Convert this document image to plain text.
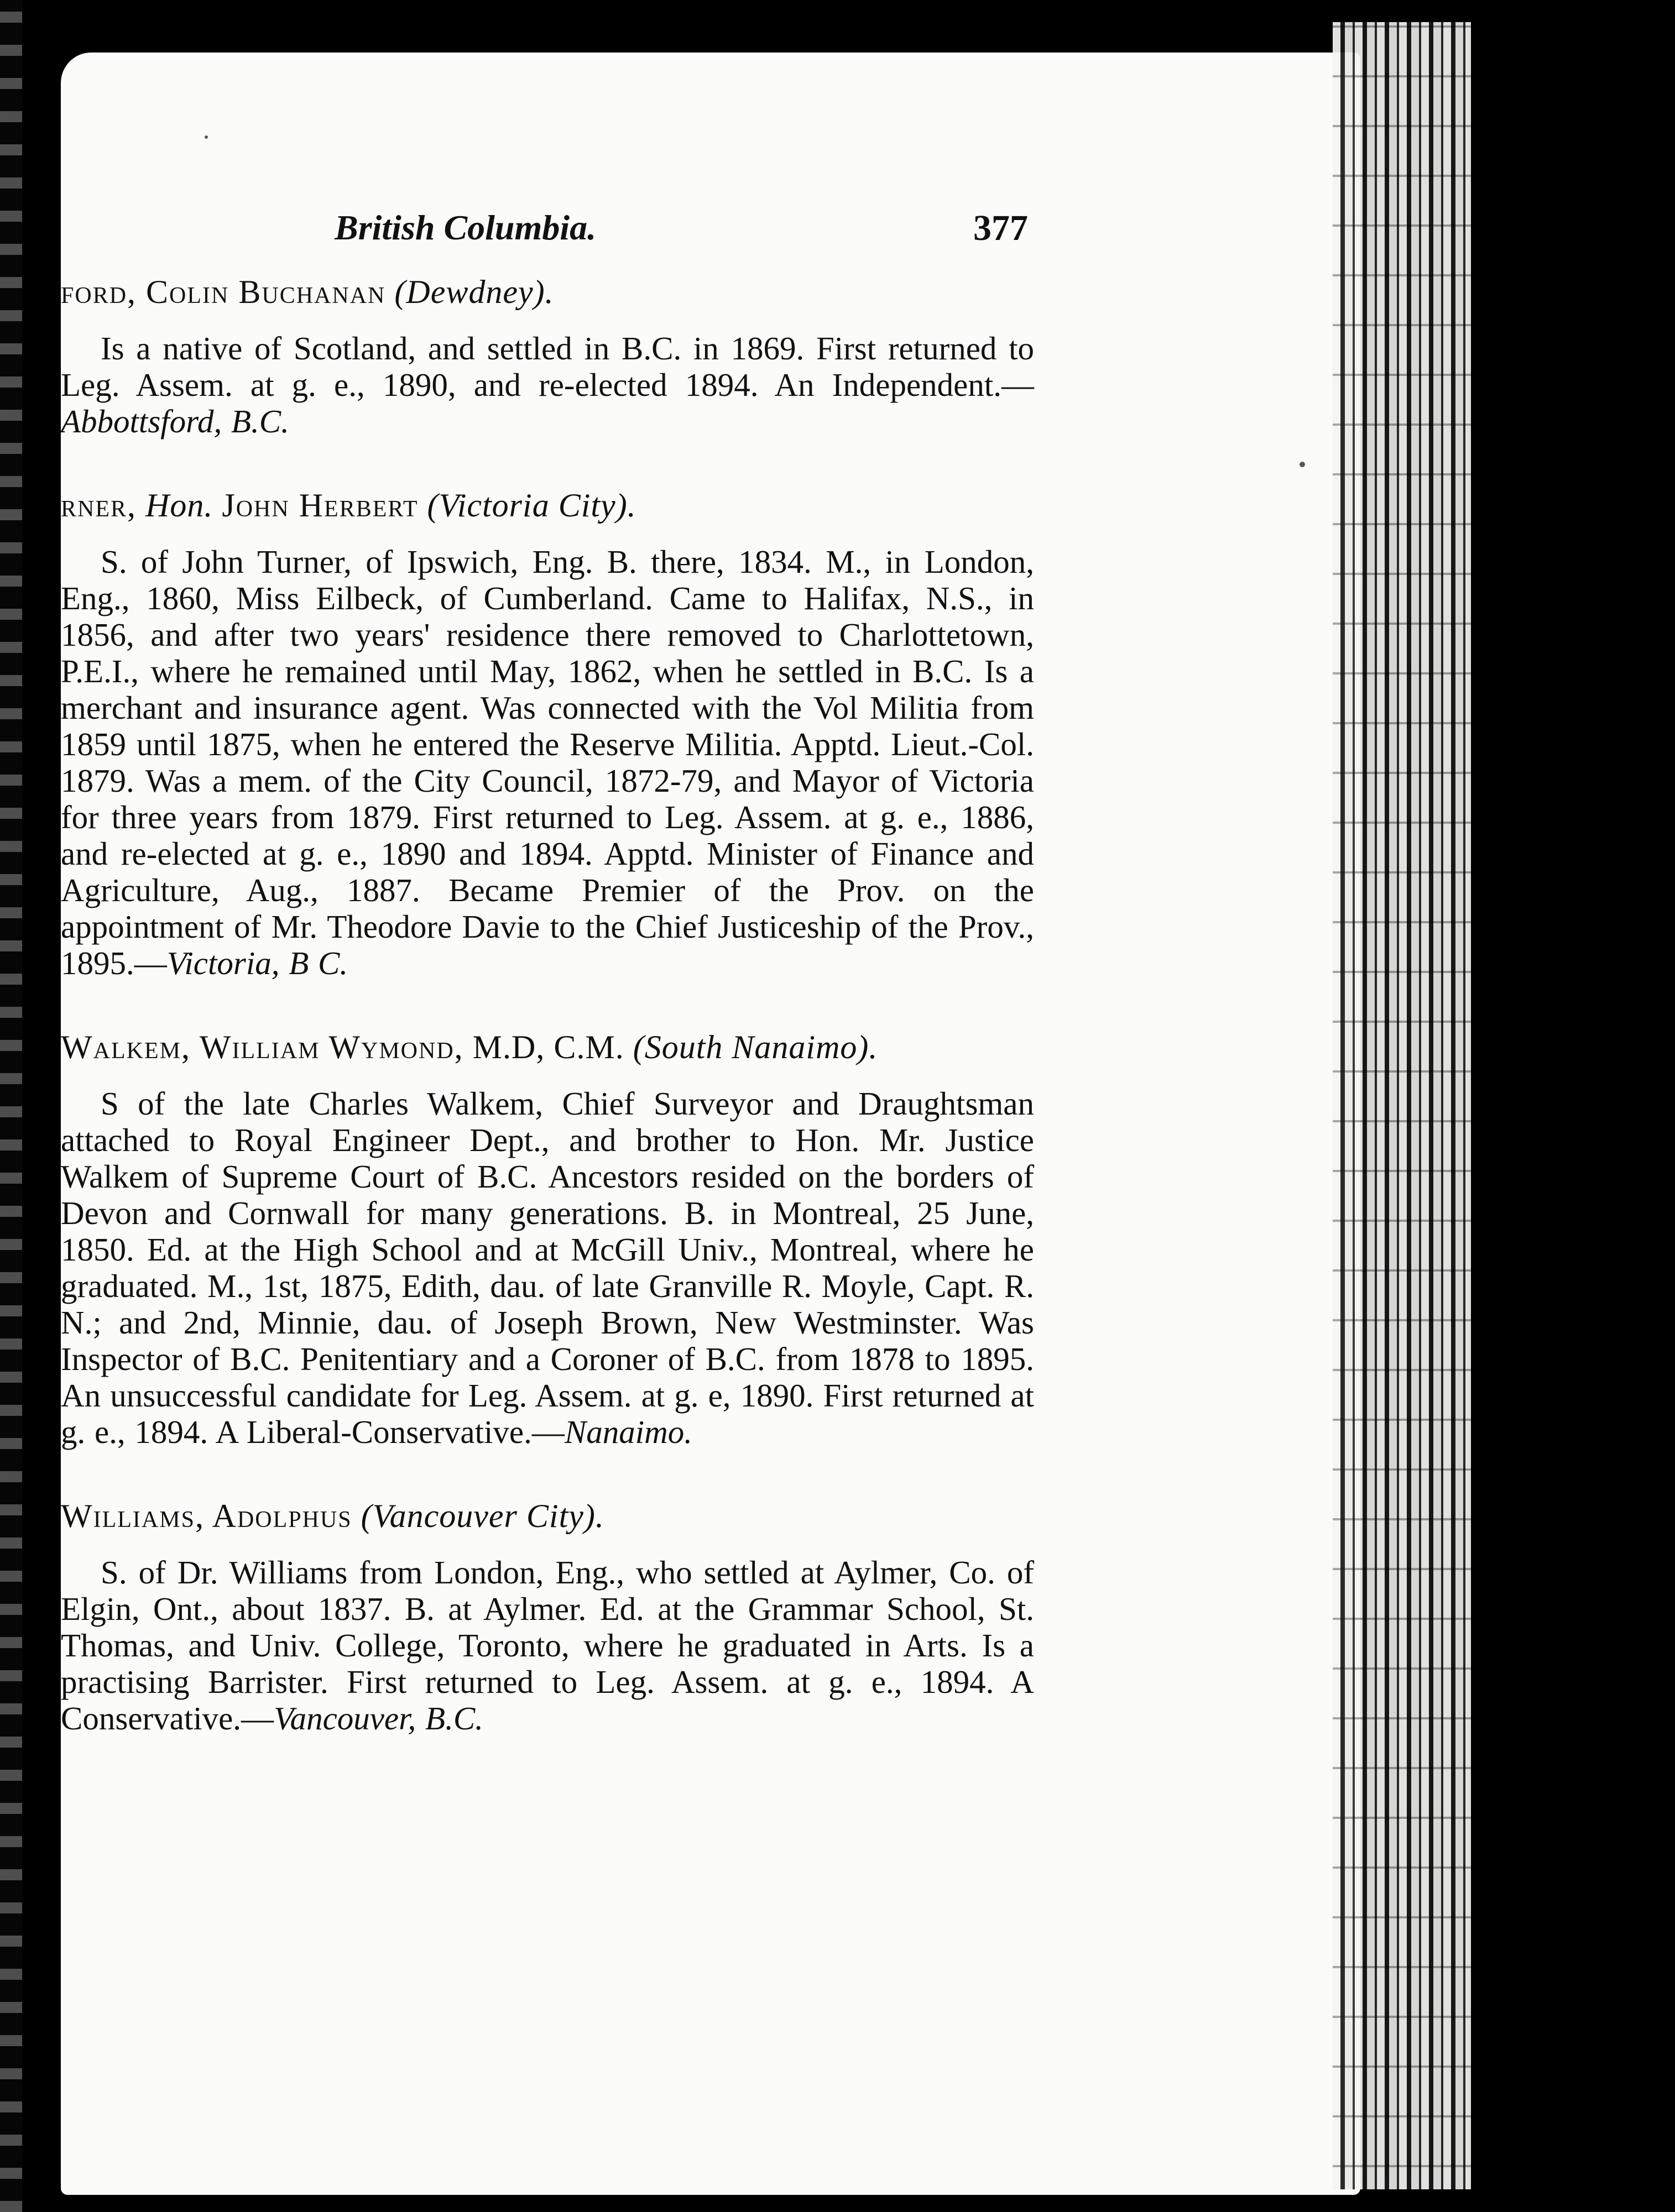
British Columbia.	377
ford, Colin Buchanan (Dewdney).
Is a native of Scotland, and settled in B.C. in 1869. First returned to Leg. Assem. at g. e., 1890, and re-elected 1894. An Independent.—Abbottsford, B.C.
rner, Hon. John Herbert (Victoria City).
S. of John Turner, of Ipswich, Eng. B. there, 1834. M., in London, Eng., 1860, Miss Eilbeck, of Cumberland. Came to Halifax, N.S., in 1856, and after two years' residence there removed to Charlottetown, P.E.I., where he remained until May, 1862, when he settled in B.C. Is a merchant and insurance agent. Was connected with the Vol Militia from 1859 until 1875, when he entered the Reserve Militia. Apptd. Lieut.-Col. 1879. Was a mem. of the City Council, 1872-79, and Mayor of Victoria for three years from 1879. First returned to Leg. Assem. at g. e., 1886, and re-elected at g. e., 1890 and 1894. Apptd. Minister of Finance and Agriculture, Aug., 1887. Became Premier of the Prov. on the appointment of Mr. Theodore Davie to the Chief Justiceship of the Prov., 1895.—Victoria, B C.
Walkem, William Wymond, M.D, C.M. (South Nanaimo).
S of the late Charles Walkem, Chief Surveyor and Draughtsman attached to Royal Engineer Dept., and brother to Hon. Mr. Justice Walkem of Supreme Court of B.C. Ancestors resided on the borders of Devon and Cornwall for many generations. B. in Montreal, 25 June, 1850. Ed. at the High School and at McGill Univ., Montreal, where he graduated. M., 1st, 1875, Edith, dau. of late Granville R. Moyle, Capt. R. N.; and 2nd, Minnie, dau. of Joseph Brown, New Westminster. Was Inspector of B.C. Penitentiary and a Coroner of B.C. from 1878 to 1895. An unsuccessful candidate for Leg. Assem. at g. e, 1890. First returned at g. e., 1894. A Liberal-Conservative.—Nanaimo.
Williams, Adolphus (Vancouver City).
S. of Dr. Williams from London, Eng., who settled at Aylmer, Co. of Elgin, Ont., about 1837. B. at Aylmer. Ed. at the Grammar School, St. Thomas, and Univ. College, Toronto, where he graduated in Arts. Is a practising Barrister. First returned to Leg. Assem. at g. e., 1894. A Conservative.—Vancouver, B.C.
